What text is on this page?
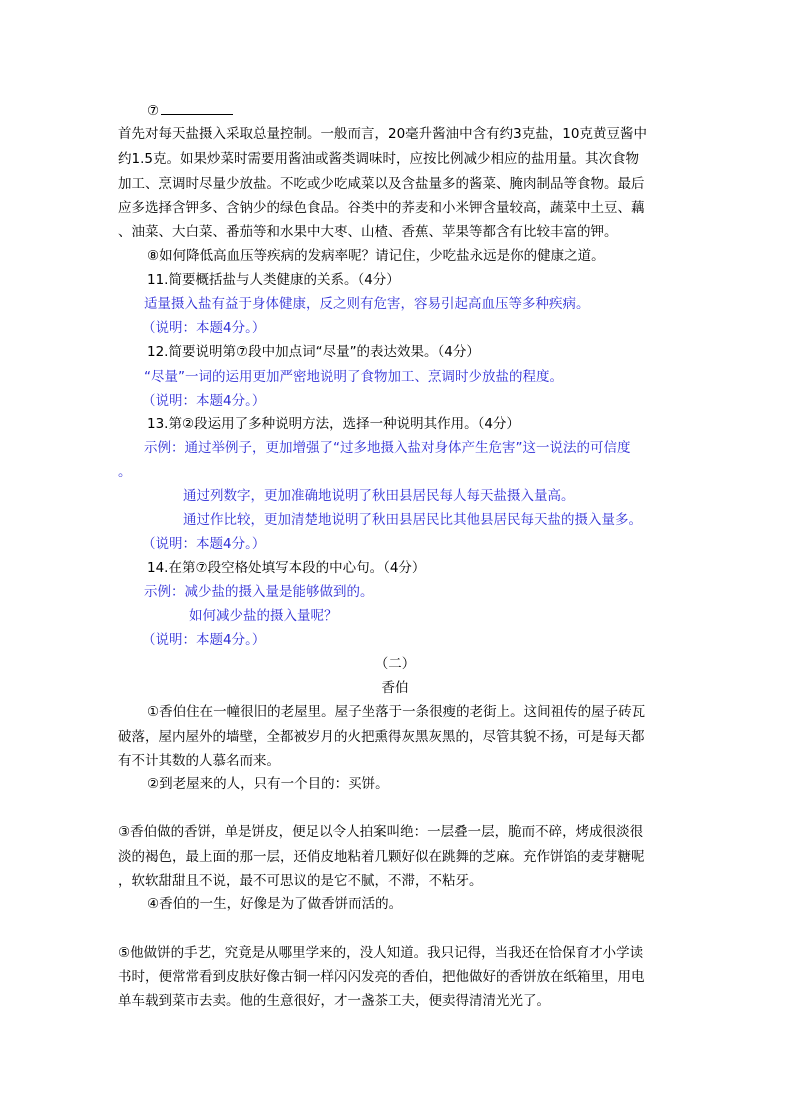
⑦
首先对每天盐摄入采取总量控制。一般而言，20毫升酱油中含有约3克盐，10克黄豆酱中
约1.5克。如果炒菜时需要用酱油或酱类调味时，应按比例减少相应的盐用量。其次食物
加工、烹调时尽量少放盐。不吃或少吃咸菜以及含盐量多的酱菜、腌肉制品等食物。最后
应多选择含钾多、含钠少的绿色食品。谷类中的荞麦和小米钾含量较高，蔬菜中土豆、藕
、油菜、大白菜、番茄等和水果中大枣、山楂、香蕉、苹果等都含有比较丰富的钾。
⑧如何降低高血压等疾病的发病率呢？请记住，少吃盐永远是你的健康之道。
11.简要概括盐与人类健康的关系。（4分）
适量摄入盐有益于身体健康，反之则有危害，容易引起高血压等多种疾病。
（说明：本题4分。）
12.简要说明第⑦段中加点词“尽量”的表达效果。（4分）
“尽量”一词的运用更加严密地说明了食物加工、烹调时少放盐的程度。
（说明：本题4分。）
13.第②段运用了多种说明方法，选择一种说明其作用。（4分）
示例：通过举例子，更加增强了“过多地摄入盐对身体产生危害”这一说法的可信度
。
通过列数字，更加准确地说明了秋田县居民每人每天盐摄入量高。
通过作比较，更加清楚地说明了秋田县居民比其他县居民每天盐的摄入量多。
（说明：本题4分。）
14.在第⑦段空格处填写本段的中心句。（4分）
示例：减少盐的摄入量是能够做到的。
如何减少盐的摄入量呢？
（说明：本题4分。）
（二）
香伯
①香伯住在一幢很旧的老屋里。屋子坐落于一条很瘦的老街上。这间祖传的屋子砖瓦
破落，屋内屋外的墙壁，全都被岁月的火把熏得灰黑灰黑的，尽管其貌不扬，可是每天都
有不计其数的人慕名而来。
②到老屋来的人，只有一个目的：买饼。
③香伯做的香饼，单是饼皮，便足以令人拍案叫绝：一层叠一层，脆而不碎，烤成很淡很
淡的褐色，最上面的那一层，还俏皮地粘着几颗好似在跳舞的芝麻。充作饼馅的麦芽糖呢
，软软甜甜且不说，最不可思议的是它不腻，不滞，不粘牙。
④香伯的一生，好像是为了做香饼而活的。
⑤他做饼的手艺，究竟是从哪里学来的，没人知道。我只记得，当我还在恰保育才小学读
书时，便常常看到皮肤好像古铜一样闪闪发亮的香伯，把他做好的香饼放在纸箱里，用电
单车载到菜市去卖。他的生意很好，才一盏茶工夫，便卖得清清光光了。
